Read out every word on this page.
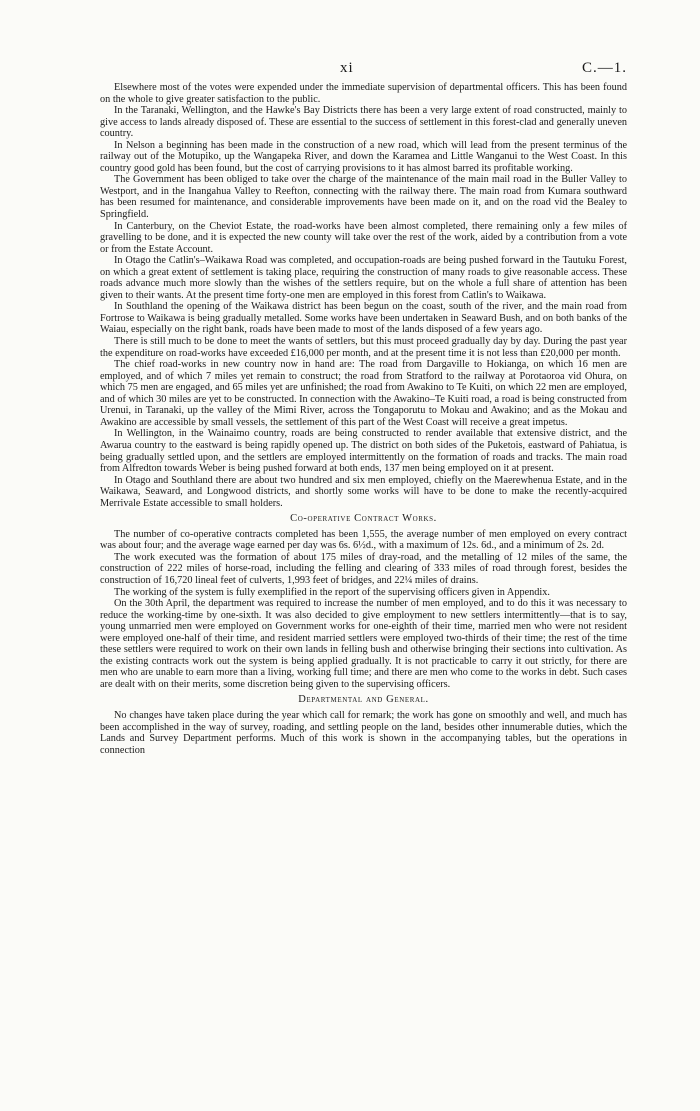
xi	C.—1.

Elsewhere most of the votes were expended under the immediate supervision of departmental officers. This has been found on the whole to give greater satisfaction to the public.

In the Taranaki, Wellington, and the Hawke's Bay Districts there has been a very large extent of road constructed, mainly to give access to lands already disposed of. These are essential to the success of settlement in this forest-clad and generally uneven country.

In Nelson a beginning has been made in the construction of a new road, which will lead from the present terminus of the railway out of the Motupiko, up the Wangapeka River, and down the Karamea and Little Wanganui to the West Coast. In this country good gold has been found, but the cost of carrying provisions to it has almost barred its profitable working.

The Government has been obliged to take over the charge of the maintenance of the main mail road in the Buller Valley to Westport, and in the Inangahua Valley to Reefton, connecting with the railway there. The main road from Kumara southward has been resumed for maintenance, and considerable improvements have been made on it, and on the road vid the Bealey to Springfield.

In Canterbury, on the Cheviot Estate, the road-works have been almost completed, there remaining only a few miles of gravelling to be done, and it is expected the new county will take over the rest of the work, aided by a contribution from a vote or from the Estate Account.

In Otago the Catlin's–Waikawa Road was completed, and occupation-roads are being pushed forward in the Tautuku Forest, on which a great extent of settlement is taking place, requiring the construction of many roads to give reasonable access. These roads advance much more slowly than the wishes of the settlers require, but on the whole a full share of attention has been given to their wants. At the present time forty-one men are employed in this forest from Catlin's to Waikawa.

In Southland the opening of the Waikawa district has been begun on the coast, south of the river, and the main road from Fortrose to Waikawa is being gradually metalled. Some works have been undertaken in Seaward Bush, and on both banks of the Waiau, especially on the right bank, roads have been made to most of the lands disposed of a few years ago.

There is still much to be done to meet the wants of settlers, but this must proceed gradually day by day. During the past year the expenditure on road-works have exceeded £16,000 per month, and at the present time it is not less than £20,000 per month.

The chief road-works in new country now in hand are: The road from Dargaville to Hokianga, on which 16 men are employed, and of which 7 miles yet remain to construct; the road from Stratford to the railway at Porotaoroa vid Ohura, on which 75 men are engaged, and 65 miles yet are unfinished; the road from Awakino to Te Kuiti, on which 22 men are employed, and of which 30 miles are yet to be constructed. In connection with the Awakino–Te Kuiti road, a road is being constructed from Urenui, in Taranaki, up the valley of the Mimi River, across the Tongaporutu to Mokau and Awakino; and as the Mokau and Awakino are accessible by small vessels, the settlement of this part of the West Coast will receive a great impetus.

In Wellington, in the Wainaimo country, roads are being constructed to render available that extensive district, and the Awarua country to the eastward is being rapidly opened up. The district on both sides of the Puketois, eastward of Pahiatua, is being gradually settled upon, and the settlers are employed intermittently on the formation of roads and tracks. The main road from Alfredton towards Weber is being pushed forward at both ends, 137 men being employed on it at present.

In Otago and Southland there are about two hundred and six men employed, chiefly on the Maerewhenua Estate, and in the Waikawa, Seaward, and Longwood districts, and shortly some works will have to be done to make the recently-acquired Merrivale Estate accessible to small holders.

Co-operative Contract Works.

The number of co-operative contracts completed has been 1,555, the average number of men employed on every contract was about four; and the average wage earned per day was 6s. 6½d., with a maximum of 12s. 6d., and a minimum of 2s. 2d.

The work executed was the formation of about 175 miles of dray-road, and the metalling of 12 miles of the same, the construction of 222 miles of horse-road, including the felling and clearing of 333 miles of road through forest, besides the construction of 16,720 lineal feet of culverts, 1,993 feet of bridges, and 22¼ miles of drains.

The working of the system is fully exemplified in the report of the supervising officers given in Appendix.

On the 30th April, the department was required to increase the number of men employed, and to do this it was necessary to reduce the working-time by one-sixth. It was also decided to give employment to new settlers intermittently—that is to say, young unmarried men were employed on Government works for one-eighth of their time, married men who were not resident were employed one-half of their time, and resident married settlers were employed two-thirds of their time; the rest of the time these settlers were required to work on their own lands in felling bush and otherwise bringing their sections into cultivation. As the existing contracts work out the system is being applied gradually. It is not practicable to carry it out strictly, for there are men who are unable to earn more than a living, working full time; and there are men who come to the works in debt. Such cases are dealt with on their merits, some discretion being given to the supervising officers.

Departmental and General.

No changes have taken place during the year which call for remark; the work has gone on smoothly and well, and much has been accomplished in the way of survey, roading, and settling people on the land, besides other innumerable duties, which the Lands and Survey Department performs. Much of this work is shown in the accompanying tables, but the operations in connection
